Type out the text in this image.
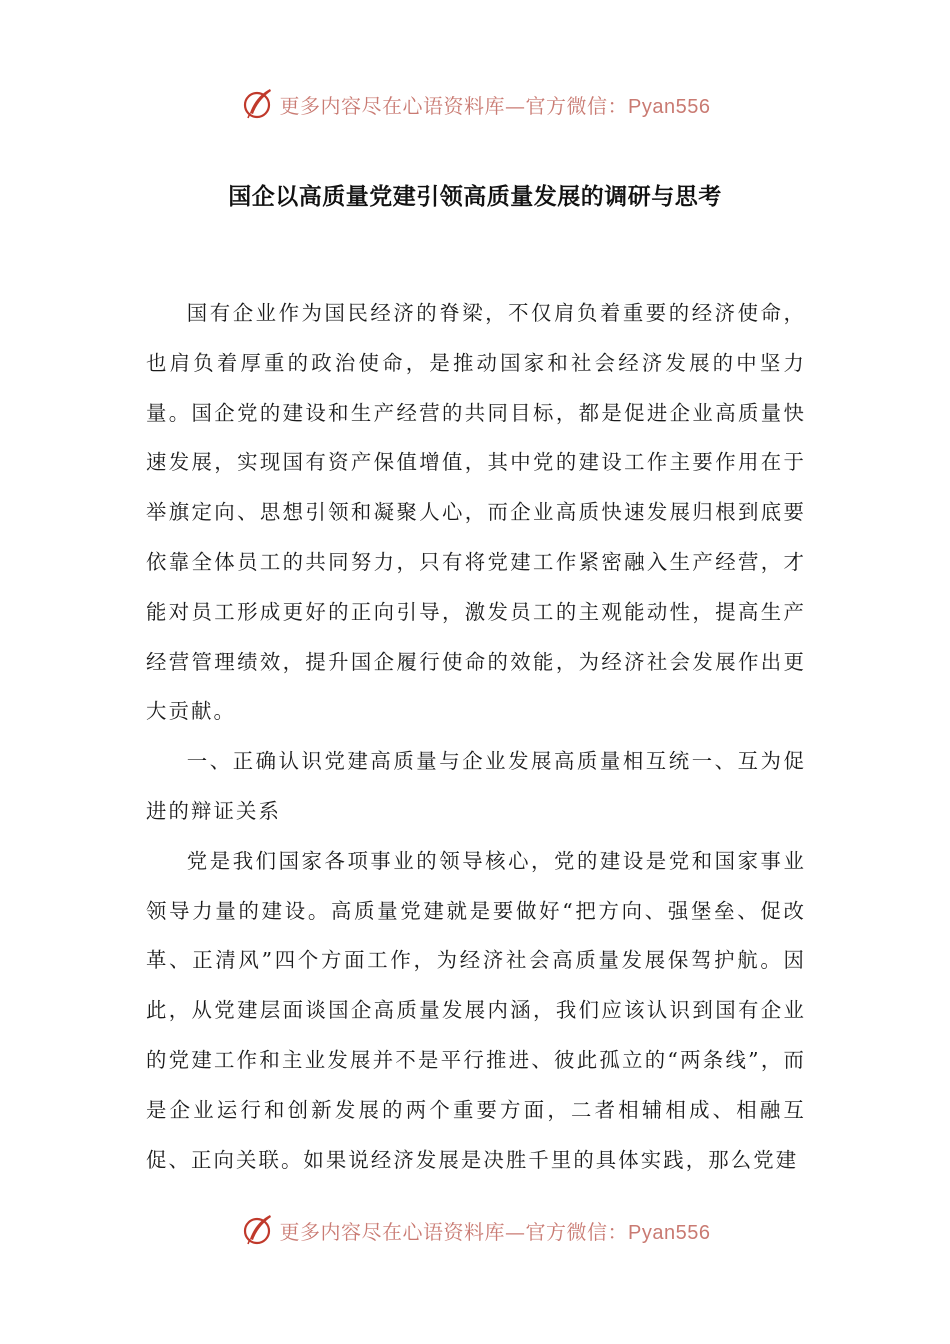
更多内容尽在心语资料库—官方微信：Pyan556
国企以高质量党建引领高质量发展的调研与思考

国有企业作为国民经济的脊梁，不仅肩负着重要的经济使命，也肩负着厚重的政治使命，是推动国家和社会经济发展的中坚力量。国企党的建设和生产经营的共同目标，都是促进企业高质量快速发展，实现国有资产保值增值，其中党的建设工作主要作用在于举旗定向、思想引领和凝聚人心，而企业高质快速发展归根到底要依靠全体员工的共同努力，只有将党建工作紧密融入生产经营，才能对员工形成更好的正向引导，激发员工的主观能动性，提高生产经营管理绩效，提升国企履行使命的效能，为经济社会发展作出更大贡献。

一、正确认识党建高质量与企业发展高质量相互统一、互为促进的辩证关系

党是我们国家各项事业的领导核心，党的建设是党和国家事业领导力量的建设。高质量党建就是要做好“把方向、强堡垒、促改革、正清风”四个方面工作，为经济社会高质量发展保驾护航。因此，从党建层面谈国企高质量发展内涵，我们应该认识到国有企业的党建工作和主业发展并不是平行推进、彼此孤立的“两条线”，而是企业运行和创新发展的两个重要方面，二者相辅相成、相融互促、正向关联。如果说经济发展是决胜千里的具体实践，那么党建

更多内容尽在心语资料库—官方微信：Pyan556
